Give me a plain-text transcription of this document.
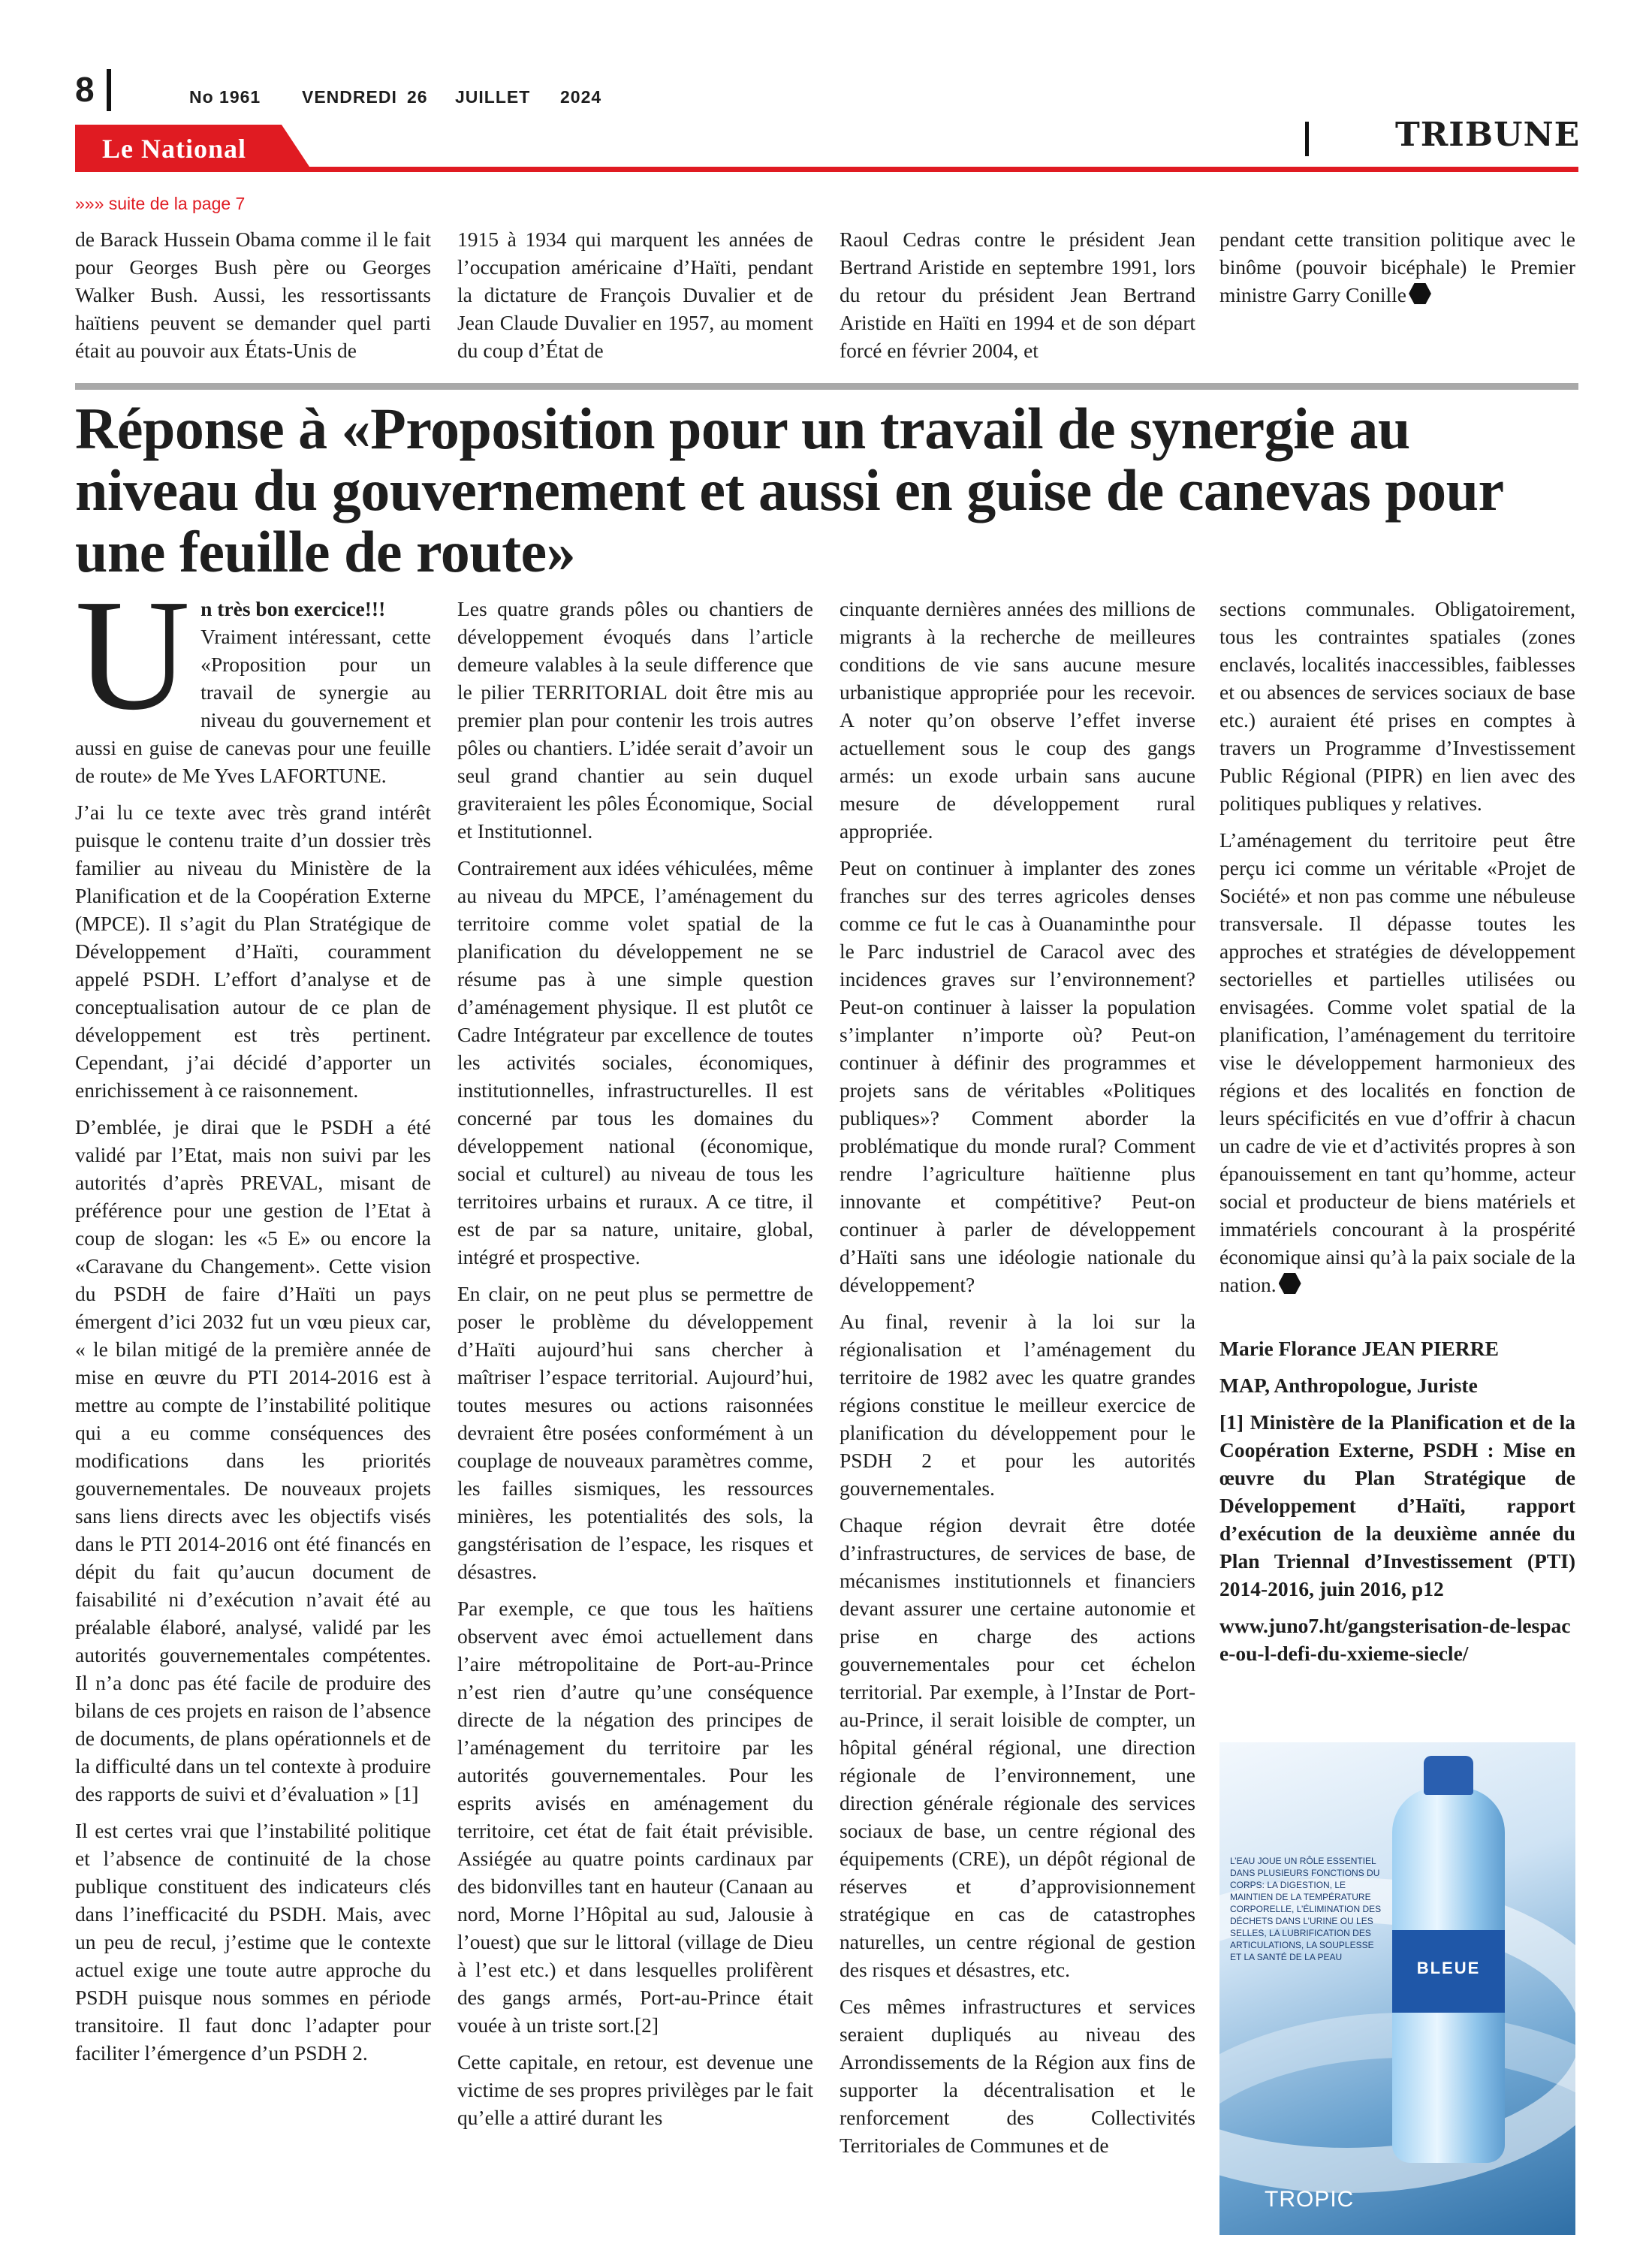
8	No 1961 VENDREDI 26 JUILLET 2024
Le National	TRIBUNE
»»» suite de la page 7
de Barack Hussein Obama comme il le fait pour Georges Bush père ou Georges Walker Bush. Aussi, les ressortissants haïtiens peuvent se demander quel parti était au pouvoir aux États-Unis de
1915 à 1934 qui marquent les années de l’occupation américaine d’Haïti, pendant la dictature de François Duvalier et de Jean Claude Duvalier en 1957, au moment du coup d’État de
Raoul Cedras contre le président Jean Bertrand Aristide en septembre 1991, lors du retour du président Jean Bertrand Aristide en Haïti en 1994 et de son départ forcé en février 2004, et
pendant cette transition politique avec le binôme (pouvoir bicéphale) le Premier ministre Garry Conille
Réponse à «Proposition pour un travail de synergie au niveau du gouvernement et aussi en guise de canevas pour une feuille de route»
U n très bon exercice!!!
Vraiment intéressant, cette «Proposition pour un travail de synergie au niveau du gouvernement et aussi en guise de canevas pour une feuille de route» de Me Yves LAFORTUNE.

J’ai lu ce texte avec très grand intérêt puisque le contenu traite d’un dossier très familier au niveau du Ministère de la Planification et de la Coopération Externe (MPCE). Il s’agit du Plan Stratégique de Développement d’Haïti, couramment appelé PSDH. L’effort d’analyse et de conceptualisation autour de ce plan de développement est très pertinent. Cependant, j’ai décidé d’apporter un enrichissement à ce raisonnement.

D’emblée, je dirai que le PSDH a été validé par l’Etat, mais non suivi par les autorités d’après PREVAL, misant de préférence pour une gestion de l’Etat à coup de slogan: les «5 E» ou encore la «Caravane du Changement». Cette vision du PSDH de faire d’Haïti un pays émergent d’ici 2032 fut un vœu pieux car, « le bilan mitigé de la première année de mise en œuvre du PTI 2014-2016 est à mettre au compte de l’instabilité politique qui a eu comme conséquences des modifications dans les priorités gouvernementales. De nouveaux projets sans liens directs avec les objectifs visés dans le PTI 2014-2016 ont été financés en dépit du fait qu’aucun document de faisabilité ni d’exécution n’avait été au préalable élaboré, analysé, validé par les autorités gouvernementales compétentes. Il n’a donc pas été facile de produire des bilans de ces projets en raison de l’absence de documents, de plans opérationnels et de la difficulté dans un tel contexte à produire des rapports de suivi et d’évaluation » [1]

Il est certes vrai que l’instabilité politique et l’absence de continuité de la chose publique constituent des indicateurs clés dans l’inefficacité du PSDH. Mais, avec un peu de recul, j’estime que le contexte actuel exige une toute autre approche du PSDH puisque nous sommes en période transitoire. Il faut donc l’adapter pour faciliter l’émergence d’un PSDH 2.

Les quatre grands pôles ou chantiers de développement évoqués dans l’article demeure valables à la seule difference que le pilier TERRITORIAL doit être mis au premier plan pour contenir les trois autres pôles ou chantiers. L’idée serait d’avoir un seul grand chantier au sein duquel graviteraient les pôles Économique, Social et Institutionnel.

Contrairement aux idées véhiculées, même au niveau du MPCE, l’aménagement du territoire comme volet spatial de la planification du développement ne se résume pas à une simple question d’aménagement physique. Il est plutôt ce Cadre Intégrateur par excellence de toutes les activités sociales, économiques, institutionnelles, infrastructurelles. Il est concerné par tous les domaines du développement national (économique, social et culturel) au niveau de tous les territoires urbains et ruraux. A ce titre, il est de par sa nature, unitaire, global, intégré et prospective.

En clair, on ne peut plus se permettre de poser le problème du développement d’Haïti aujourd’hui sans chercher à maîtriser l’espace territorial. Aujourd’hui, toutes mesures ou actions raisonnées devraient être posées conformément à un couplage de nouveaux paramètres comme, les failles sismiques, les ressources minières, les potentialités des sols, la gangstérisation de l’espace, les risques et désastres.

Par exemple, ce que tous les haïtiens observent avec émoi actuellement dans l’aire métropolitaine de Port-au-Prince n’est rien d’autre qu’une conséquence directe de la négation des principes de l’aménagement du territoire par les autorités gouvernementales. Pour les esprits avisés en aménagement du territoire, cet état de fait était prévisible. Assiégée au quatre points cardinaux par des bidonvilles tant en hauteur (Canaan au nord, Morne l’Hôpital au sud, Jalousie à l’ouest) que sur le littoral (village de Dieu à l’est etc.) et dans lesquelles prolifèrent des gangs armés, Port-au-Prince était vouée à un triste sort.[2]

Cette capitale, en retour, est devenue une victime de ses propres privilèges par le fait qu’elle a attiré durant les

cinquante dernières années des millions de migrants à la recherche de meilleures conditions de vie sans aucune mesure urbanistique appropriée pour les recevoir. A noter qu’on observe l’effet inverse actuellement sous le coup des gangs armés: un exode urbain sans aucune mesure de développement rural appropriée.

Peut on continuer à implanter des zones franches sur des terres agricoles denses comme ce fut le cas à Ouanaminthe pour le Parc industriel de Caracol avec des incidences graves sur l’environnement? Peut-on continuer à laisser la population s’implanter n’importe où? Peut-on continuer à définir des programmes et projets sans de véritables «Politiques publiques»? Comment aborder la problématique du monde rural? Comment rendre l’agriculture haïtienne plus innovante et compétitive? Peut-on continuer à parler de développement d’Haïti sans une idéologie nationale du développement?

Au final, revenir à la loi sur la régionalisation et l’aménagement du territoire de 1982 avec les quatre grandes régions constitue le meilleur exercice de planification du développement pour le PSDH 2 et pour les autorités gouvernementales.

Chaque région devrait être dotée d’infrastructures, de services de base, de mécanismes institutionnels et financiers devant assurer une certaine autonomie et prise en charge des actions gouvernementales pour cet échelon territorial. Par exemple, à l’Instar de Port-au-Prince, il serait loisible de compter, un hôpital général régional, une direction régionale de l’environnement, une direction générale régionale des services sociaux de base, un centre régional des équipements (CRE), un dépôt régional de réserves et d’approvisionnement stratégique en cas de catastrophes naturelles, un centre régional de gestion des risques et désastres, etc.

Ces mêmes infrastructures et services seraient dupliqués au niveau des Arrondissements de la Région aux fins de supporter la décentralisation et le renforcement des Collectivités Territoriales de Communes et de

sections communales. Obligatoirement, tous les contraintes spatiales (zones enclavés, localités inaccessibles, faiblesses et ou absences de services sociaux de base etc.) auraient été prises en comptes à travers un Programme d’Investissement Public Régional (PIPR) en lien avec des politiques publiques y relatives.

L’aménagement du territoire peut être perçu ici comme un véritable «Projet de Société» et non pas comme une nébuleuse transversale. Il dépasse toutes les approches et stratégies de développement sectorielles et partielles utilisées ou envisagées. Comme volet spatial de la planification, l’aménagement du territoire vise le développement harmonieux des régions et des localités en fonction de leurs spécificités en vue d’offrir à chacun un cadre de vie et d’activités propres à son épanouissement en tant qu’homme, acteur social et producteur de biens matériels et immatériels concourant à la prospérité économique ainsi qu’à la paix sociale de la nation.

Marie Florance JEAN PIERRE

MAP, Anthropologue, Juriste

[1] Ministère de la Planification et de la Coopération Externe, PSDH : Mise en œuvre du Plan Stratégique de Développement d’Haïti, rapport d’exécution de la deuxième année du Plan Triennal d’Investissement (PTI) 2014-2016, juin 2016, p12

www.juno7.ht/gangsterisation-de-lespace-ou-l-defi-du-xxieme-siecle/

L’EAU JOUE UN RÔLE ESSENTIEL DANS PLUSIEURS FONCTIONS DU CORPS: LA DIGESTION, LE MAINTIEN DE LA TEMPÉRATURE CORPORELLE, L’ÉLIMINATION DES DÉCHETS DANS L’URINE OU LES SELLES, LA LUBRIFICATION DES ARTICULATIONS, LA SOUPLESSE ET LA SANTÉ DE LA PEAU
BLEUE
TROPIC
